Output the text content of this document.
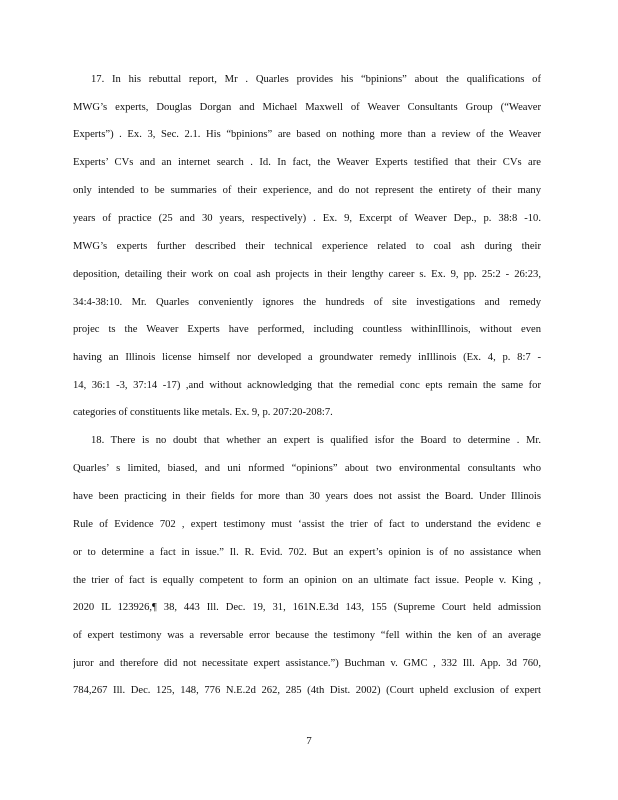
17. In his rebuttal report, Mr . Quarles provides his “bpinions” about the qualifications of
MWG’s experts, Douglas Dorgan and Michael Maxwell of Weaver Consultants Group (“Weaver
Experts”) . Ex. 3, Sec. 2.1. His “bpinions” are based on nothing more than a review of the Weaver
Experts’ CVs and an internet search . Id. In fact, the Weaver Experts testified that their CVs are
only intended to be summaries of their experience, and do not represent the entirety of their many
years of practice (25 and 30 years, respectively) . Ex. 9, Excerpt of Weaver Dep., p. 38:8 -10.
MWG’s experts further described their technical experience related to coal ash during their
deposition, detailing their work on coal ash projects in their lengthy career s. Ex. 9, pp. 25:2 - 26:23,
34:4-38:10. Mr. Quarles conveniently ignores the hundreds of site investigations and remedy
projec ts the Weaver Experts have performed, including countless withinIllinois, without even
having an Illinois license himself nor developed a groundwater remedy inIllinois (Ex. 4, p. 8:7 -
14, 36:1 -3, 37:14 -17) ,and without acknowledging that the remedial conc epts remain the same for
categories of constituents like metals. Ex. 9, p. 207:20-208:7.
18. There is no doubt that whether an expert is qualified isfor the Board to determine . Mr.
Quarles’ s limited, biased, and uni nformed “opinions” about two environmental consultants who
have been practicing in their fields for more than 30 years does not assist the Board. Under Illinois
Rule of Evidence 702 , expert testimony must ‘assist the trier of fact to understand the evidenc e
or to determine a fact in issue.” Il. R. Evid. 702. But an expert’s opinion is of no assistance when
the trier of fact is equally competent to form an opinion on an ultimate fact issue. People v. King ,
2020 IL 123926,¶ 38, 443 Ill. Dec. 19, 31, 161N.E.3d 143, 155 (Supreme Court held admission
of expert testimony was a reversable error because the testimony “fell within the ken of an average
juror and therefore did not necessitate expert assistance.”) Buchman v. GMC , 332 Ill. App. 3d 760,
784,267 Ill. Dec. 125, 148, 776 N.E.2d 262, 285 (4th Dist. 2002) (Court upheld exclusion of expert
7
